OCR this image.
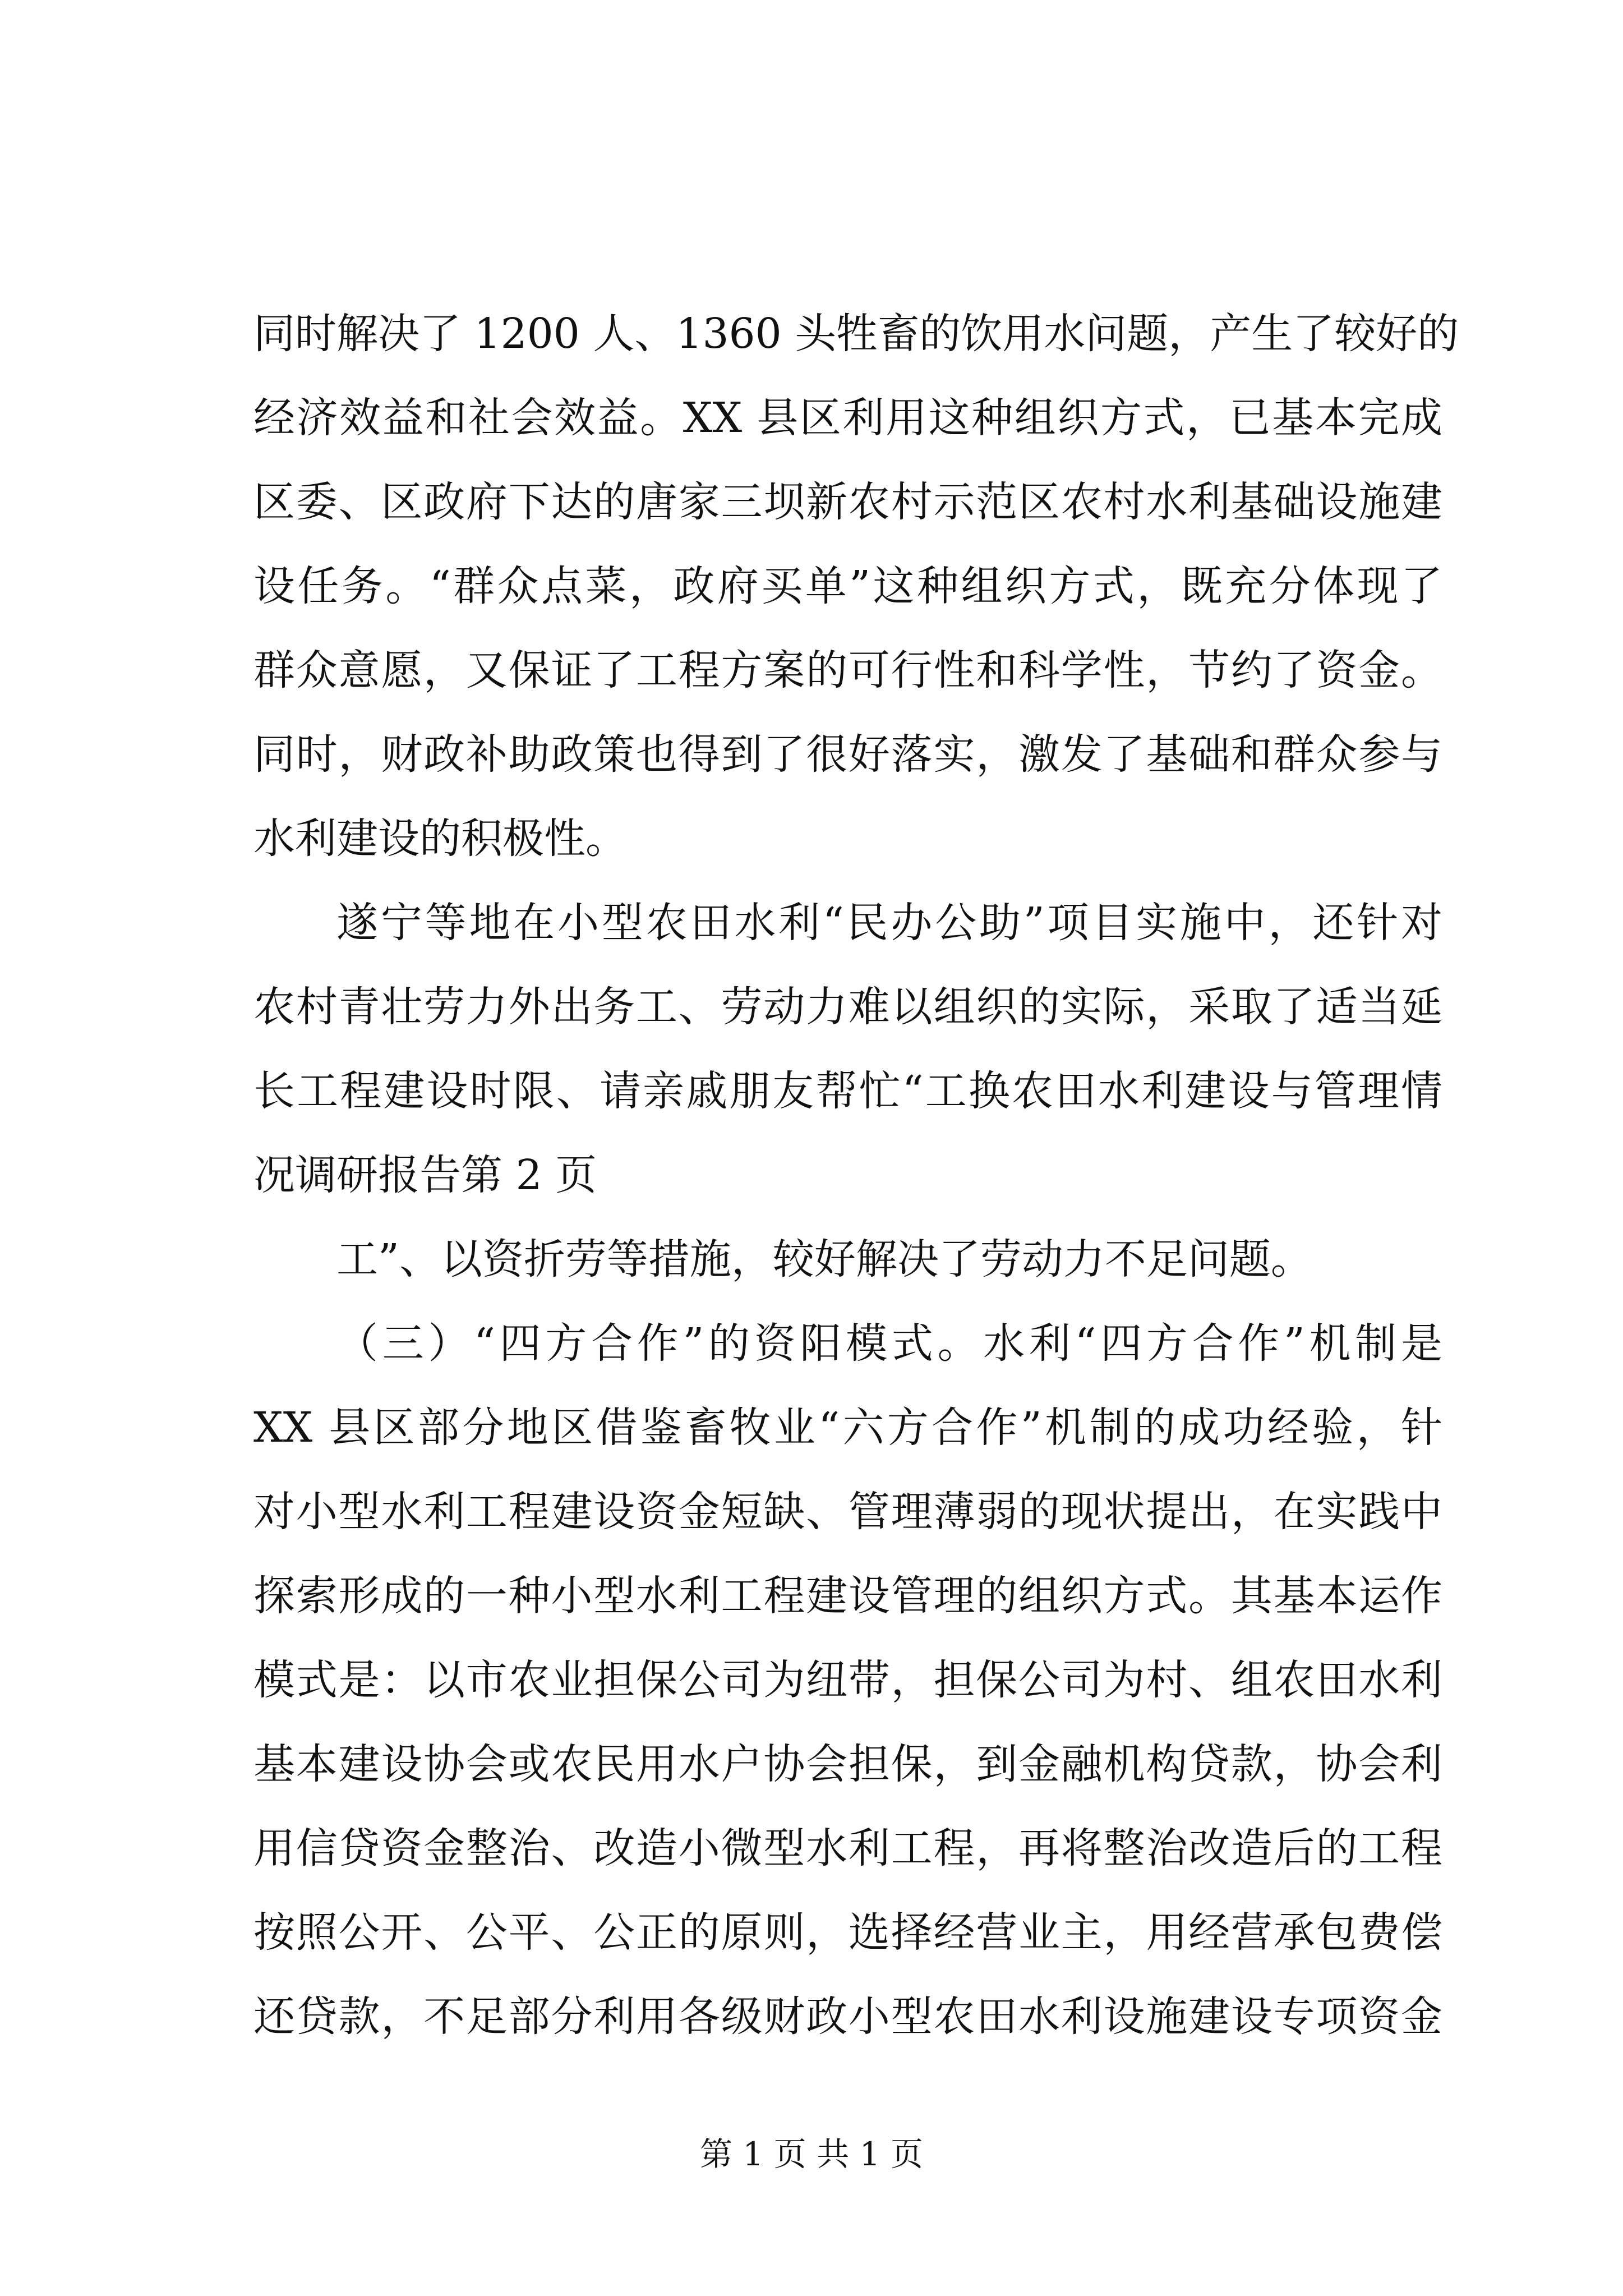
同时解决了 1200 人、1360 头牲畜的饮用水问题，产生了较好的
经济效益和社会效益。XX 县区利用这种组织方式，已基本完成
区委、区政府下达的唐家三坝新农村示范区农村水利基础设施建
设任务。“群众点菜，政府买单”这种组织方式，既充分体现了
群众意愿，又保证了工程方案的可行性和科学性，节约了资金。
同时，财政补助政策也得到了很好落实，激发了基础和群众参与
水利建设的积极性。
遂宁等地在小型农田水利“民办公助”项目实施中，还针对
农村青壮劳力外出务工、劳动力难以组织的实际，采取了适当延
长工程建设时限、请亲戚朋友帮忙“工换农田水利建设与管理情
况调研报告第 2 页
工”、以资折劳等措施，较好解决了劳动力不足问题。
（三）“四方合作”的资阳模式。水利“四方合作”机制是
XX 县区部分地区借鉴畜牧业“六方合作”机制的成功经验，针
对小型水利工程建设资金短缺、管理薄弱的现状提出，在实践中
探索形成的一种小型水利工程建设管理的组织方式。其基本运作
模式是：以市农业担保公司为纽带，担保公司为村、组农田水利
基本建设协会或农民用水户协会担保，到金融机构贷款，协会利
用信贷资金整治、改造小微型水利工程，再将整治改造后的工程
按照公开、公平、公正的原则，选择经营业主，用经营承包费偿
还贷款，不足部分利用各级财政小型农田水利设施建设专项资金
第 1 页 共 1 页
